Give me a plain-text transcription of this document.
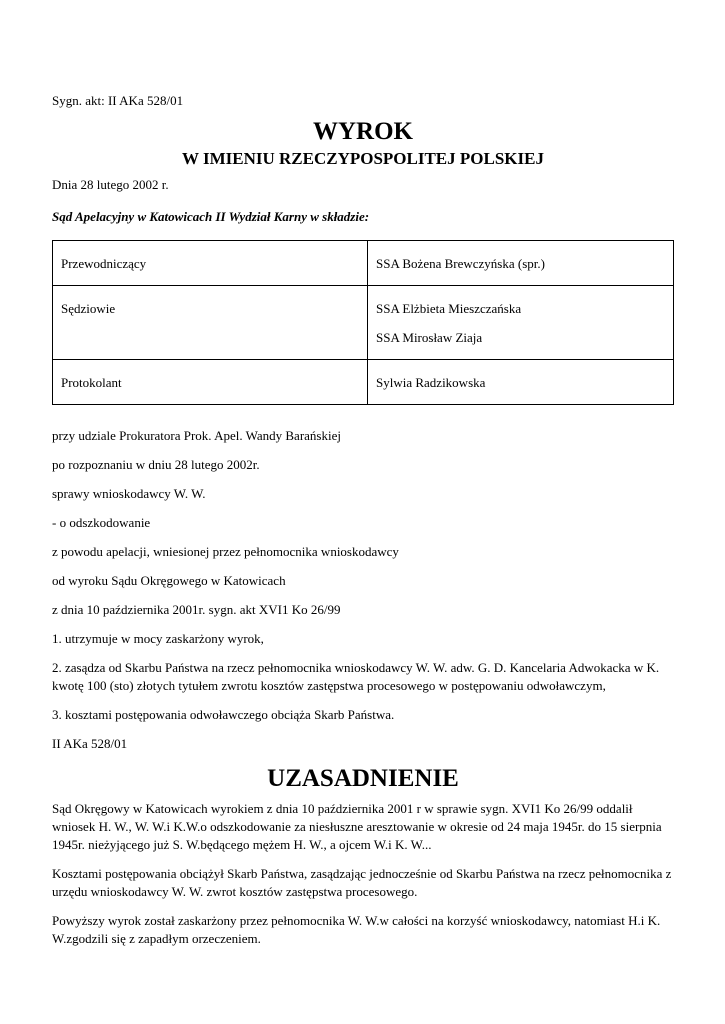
Sygn. akt: II AKa 528/01

WYROK
W IMIENIU RZECZYPOSPOLITEJ POLSKIEJ

Dnia 28 lutego 2002 r.

Sąd Apelacyjny w Katowicach II Wydział Karny w składzie:

Przewodniczący	SSA Bożena Brewczyńska (spr.)

Sędziowie	SSA Elżbieta Mieszczańska
SSA Mirosław Ziaja

Protokolant	Sylwia Radzikowska

przy udziale Prokuratora Prok. Apel. Wandy Barańskiej

po rozpoznaniu w dniu 28 lutego 2002r.

sprawy wnioskodawcy W. W.

- o odszkodowanie

z powodu apelacji, wniesionej przez pełnomocnika wnioskodawcy

od wyroku Sądu Okręgowego w Katowicach

z dnia 10 października 2001r. sygn. akt XVI1 Ko 26/99

1. utrzymuje w mocy zaskarżony wyrok,

2. zasądza od Skarbu Państwa na rzecz pełnomocnika wnioskodawcy W. W. adw. G. D. Kancelaria Adwokacka w K. kwotę 100 (sto) złotych tytułem zwrotu kosztów zastępstwa procesowego w postępowaniu odwoławczym,

3. kosztami postępowania odwoławczego obciąża Skarb Państwa.

II AKa 528/01

UZASADNIENIE

Sąd Okręgowy w Katowicach wyrokiem z dnia 10 października 2001 r w sprawie sygn. XVI1 Ko 26/99 oddalił wniosek H. W., W. W.i K.W.o odszkodowanie za niesłuszne aresztowanie w okresie od 24 maja 1945r. do 15 sierpnia 1945r. nieżyjącego już S. W.będącego mężem H. W., a ojcem W.i K. W...

Kosztami postępowania obciążył Skarb Państwa, zasądzając jednocześnie od Skarbu Państwa na rzecz pełnomocnika z urzędu wnioskodawcy W. W. zwrot kosztów zastępstwa procesowego.

Powyższy wyrok został zaskarżony przez pełnomocnika W. W.w całości na korzyść wnioskodawcy, natomiast H.i K. W.zgodzili się z zapadłym orzeczeniem.
